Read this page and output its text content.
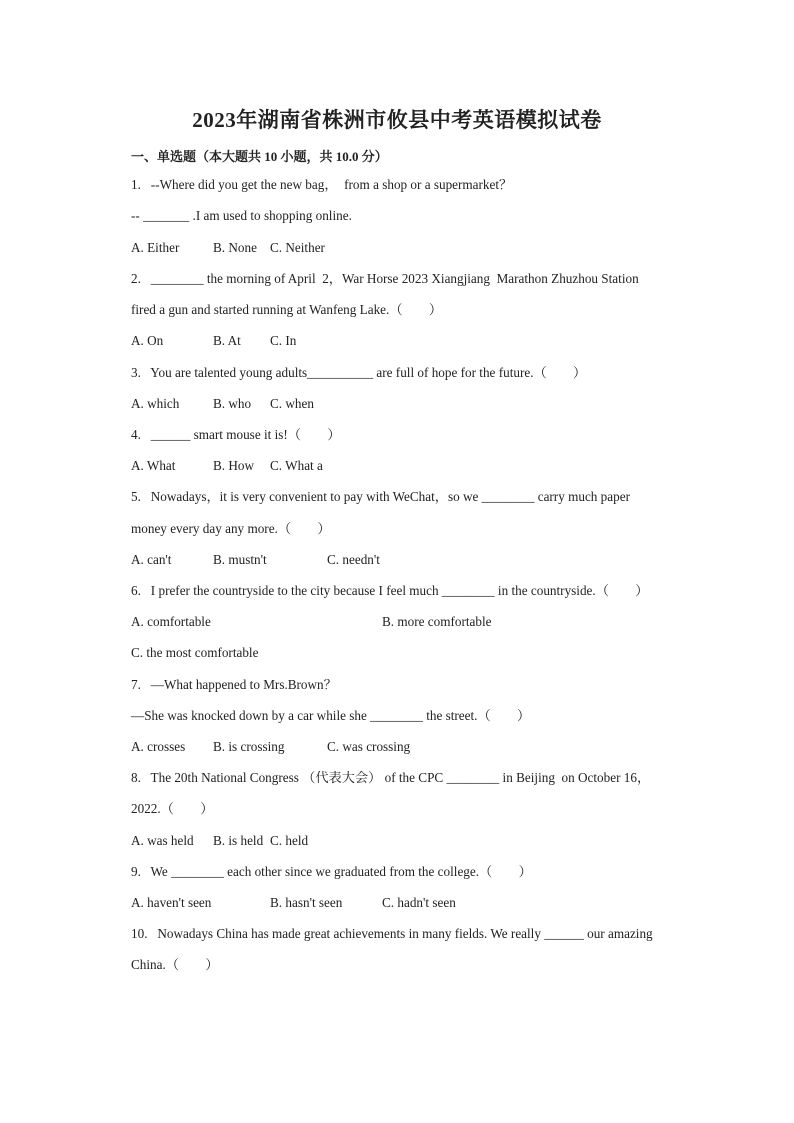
2023年湖南省株洲市攸县中考英语模拟试卷
一、单选题（本大题共 10 小题，共 10.0 分）
1.   --Where did you get the new bag，  from a shop or a supermarket？
-- _______ .I am used to shopping online.
A. Either	B. None C. Neither
2.   ________ the morning of April  2，War Horse 2023 Xiangjiang  Marathon Zhuzhou Station
fired a gun and started running at Wanfeng Lake.（        ）
A. On	B. At C. In
3.   You are talented young adults__________ are full of hope for the future.（        ）
A. which	B. who C. when
4.   ______ smart mouse it is!（        ）
A. What	B. How C. What a
5.   Nowadays，it is very convenient to pay with WeChat，so we ________ carry much paper
money every day any more.（        ）
A. can't	B. mustn't	C. needn't
6.   I prefer the countryside to the city because I feel much ________ in the countryside.（        ）
A. comfortable	B. more comfortable
C. the most comfortable
7.   —What happened to Mrs.Brown？
—She was knocked down by a car while she ________ the street.（        ）
A. crosses B. is crossing	C. was crossing
8.   The 20th National Congress （代表大会） of the CPC ________ in Beijing  on October 16，
2022.（        ）
A. was held B. is held C. held
9.   We ________ each other since we graduated from the college.（        ）
A. haven't seen	B. hasn't seen	C. hadn't seen
10.   Nowadays China has made great achievements in many fields. We really ______ our amazing
China.（        ）
